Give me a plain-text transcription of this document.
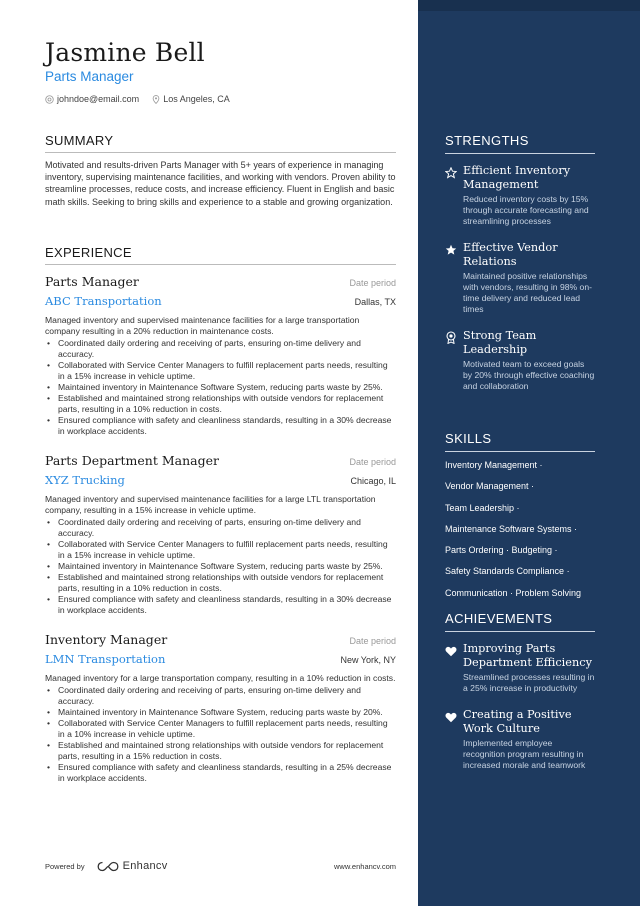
Jasmine Bell
Parts Manager
johndoe@email.com	Los Angeles, CA
SUMMARY

Motivated and results-driven Parts Manager with 5+ years of experience in managing inventory, supervising maintenance facilities, and working with vendors. Proven ability to streamline processes, reduce costs, and increase efficiency. Fluent in English and basic math skills. Seeking to bring skills and experience to a stable and growing organization.

EXPERIENCE
Parts Manager	Date period
ABC Transportation	Dallas, TX
Managed inventory and supervised maintenance facilities for a large transportation company resulting in a 20% reduction in maintenance costs.
• Coordinated daily ordering and receiving of parts, ensuring on-time delivery and accuracy.
• Collaborated with Service Center Managers to fulfill replacement parts needs, resulting in a 15% increase in vehicle uptime.
• Maintained inventory in Maintenance Software System, reducing parts waste by 25%.
• Established and maintained strong relationships with outside vendors for replacement parts, resulting in a 10% reduction in costs.
• Ensured compliance with safety and cleanliness standards, resulting in a 30% decrease in workplace accidents.
Parts Department Manager	Date period
XYZ Trucking	Chicago, IL
Managed inventory and supervised maintenance facilities for a large LTL transportation company, resulting in a 15% increase in vehicle uptime.
• Coordinated daily ordering and receiving of parts, ensuring on-time delivery and accuracy.
• Collaborated with Service Center Managers to fulfill replacement parts needs, resulting in a 15% increase in vehicle uptime.
• Maintained inventory in Maintenance Software System, reducing parts waste by 25%.
• Established and maintained strong relationships with outside vendors for replacement parts, resulting in a 10% reduction in costs.
• Ensured compliance with safety and cleanliness standards, resulting in a 30% decrease in workplace accidents.
Inventory Manager	Date period
LMN Transportation	New York, NY
Managed inventory for a large transportation company, resulting in a 10% reduction in costs.
• Coordinated daily ordering and receiving of parts, ensuring on-time delivery and accuracy.
• Maintained inventory in Maintenance Software System, reducing parts waste by 20%.
• Collaborated with Service Center Managers to fulfill replacement parts needs, resulting in a 10% increase in vehicle uptime.
• Established and maintained strong relationships with outside vendors for replacement parts, resulting in a 15% reduction in costs.
• Ensured compliance with safety and cleanliness standards, resulting in a 25% decrease in workplace accidents.
Powered by	Enhancv	www.enhancv.com
STRENGTHS
Efficient Inventory Management
Reduced inventory costs by 15% through accurate forecasting and streamlining processes
Effective Vendor Relations
Maintained positive relationships with vendors, resulting in 98% on-time delivery and reduced lead times
Strong Team Leadership
Motivated team to exceed goals by 20% through effective coaching and collaboration
SKILLS
Inventory Management ·
Vendor Management ·
Team Leadership ·
Maintenance Software Systems ·
Parts Ordering · Budgeting ·
Safety Standards Compliance ·
Communication · Problem Solving
ACHIEVEMENTS
Improving Parts Department Efficiency
Streamlined processes resulting in a 25% increase in productivity
Creating a Positive Work Culture
Implemented employee recognition program resulting in increased morale and teamwork
